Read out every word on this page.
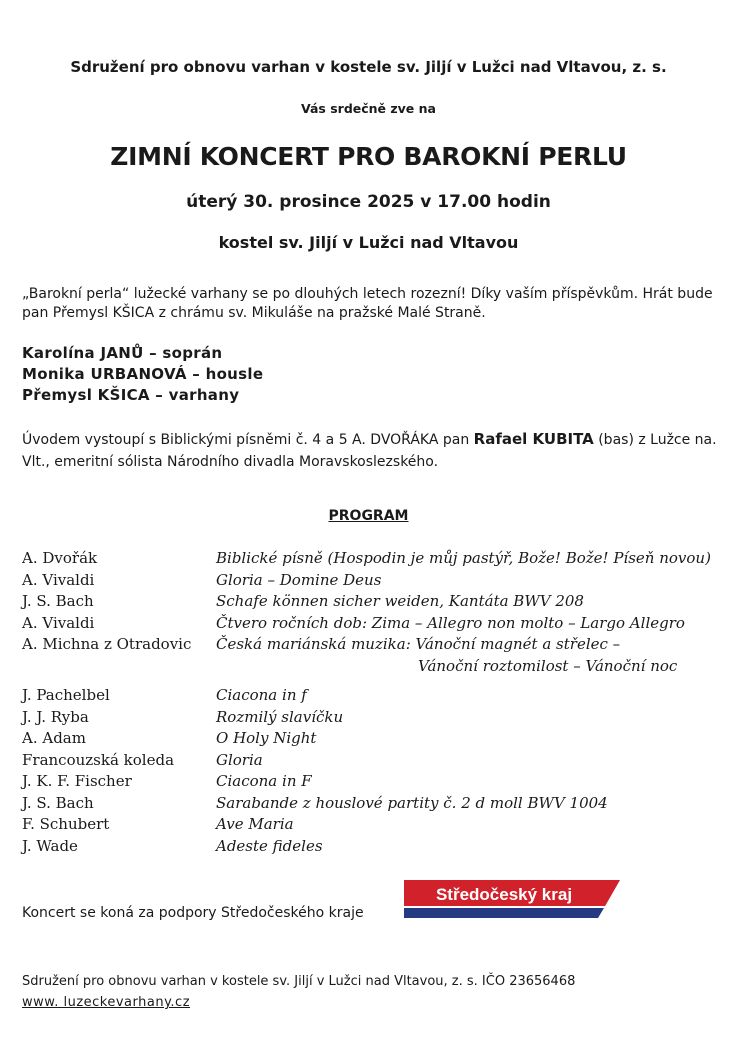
Sdružení pro obnovu varhan v kostele sv. Jiljí v Lužci nad Vltavou, z. s.
Vás srdečně zve na
ZIMNÍ KONCERT PRO BAROKNÍ PERLU
úterý 30. prosince 2025 v 17.00 hodin
kostel sv. Jiljí v Lužci nad Vltavou
„Barokní perla“ lužecké varhany se po dlouhých letech rozezní! Díky vaším příspěvkům. Hrát bude pan Přemysl KŠICA z chrámu sv. Mikuláše na pražské Malé Straně.
Karolína JANŮ – soprán
Monika URBANOVÁ – housle
Přemysl KŠICA – varhany
Úvodem vystoupí s Biblickými písněmi č. 4 a 5 A. DVOŘÁKA pan Rafael KUBITA (bas) z Lužce na. Vlt., emeritní sólista Národního divadla Moravskoslezského.
PROGRAM
A. Dvořák	Biblické písně (Hospodin je můj pastýř, Bože! Bože! Píseň novou)
A. Vivaldi	Gloria – Domine Deus
J. S. Bach	Schafe können sicher weiden, Kantáta BWV 208
A. Vivaldi	Čtvero ročních dob: Zima – Allegro non molto – Largo Allegro
A. Michna z Otradovic Česká mariánská muzika: Vánoční magnét a střelec –
Vánoční roztomilost – Vánoční noc
J. Pachelbel	Ciacona in f
J. J. Ryba	Rozmilý slavíčku
A. Adam	O Holy Night
Francouzská koleda	Gloria
J. K. F. Fischer	Ciacona in F
J. S. Bach	Sarabande z houslové partity č. 2 d moll BWV 1004
F. Schubert	Ave Maria
J. Wade	Adeste fideles
Koncert se koná za podpory Středočeského kraje
Středočeský kraj
Sdružení pro obnovu varhan v kostele sv. Jiljí v Lužci nad Vltavou, z. s. IČO 23656468
www. luzeckevarhany.cz
